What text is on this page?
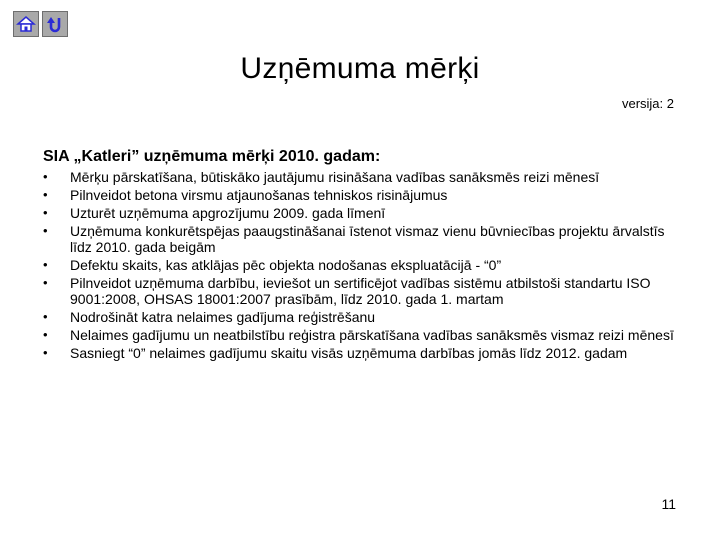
Uzņēmuma mērķi
versija: 2
SIA „Katleri” uzņēmuma mērķi 2010. gadam:
• Mērķu pārskatīšana, būtiskāko jautājumu risināšana vadības sanāksmēs reizi mēnesī
• Pilnveidot betona virsmu atjaunošanas tehniskos risinājumus
• Uzturēt uzņēmuma apgrozījumu 2009. gada līmenī
• Uzņēmuma konkurētspējas paaugstināšanai īstenot vismaz vienu būvniecības projektu ārvalstīs līdz 2010. gada beigām
• Defektu skaits, kas atklājas pēc objekta nodošanas ekspluatācijā - “0”
• Pilnveidot uzņēmuma darbību, ieviešot un sertificējot vadības sistēmu atbilstoši standartu ISO 9001:2008, OHSAS 18001:2007 prasībām, līdz 2010. gada 1. martam
• Nodrošināt katra nelaimes gadījuma reģistrēšanu
• Nelaimes gadījumu un neatbilstību reģistra pārskatīšana vadības sanāksmēs vismaz reizi mēnesī
• Sasniegt “0” nelaimes gadījumu skaitu visās uzņēmuma darbības jomās līdz 2012. gadam
11
